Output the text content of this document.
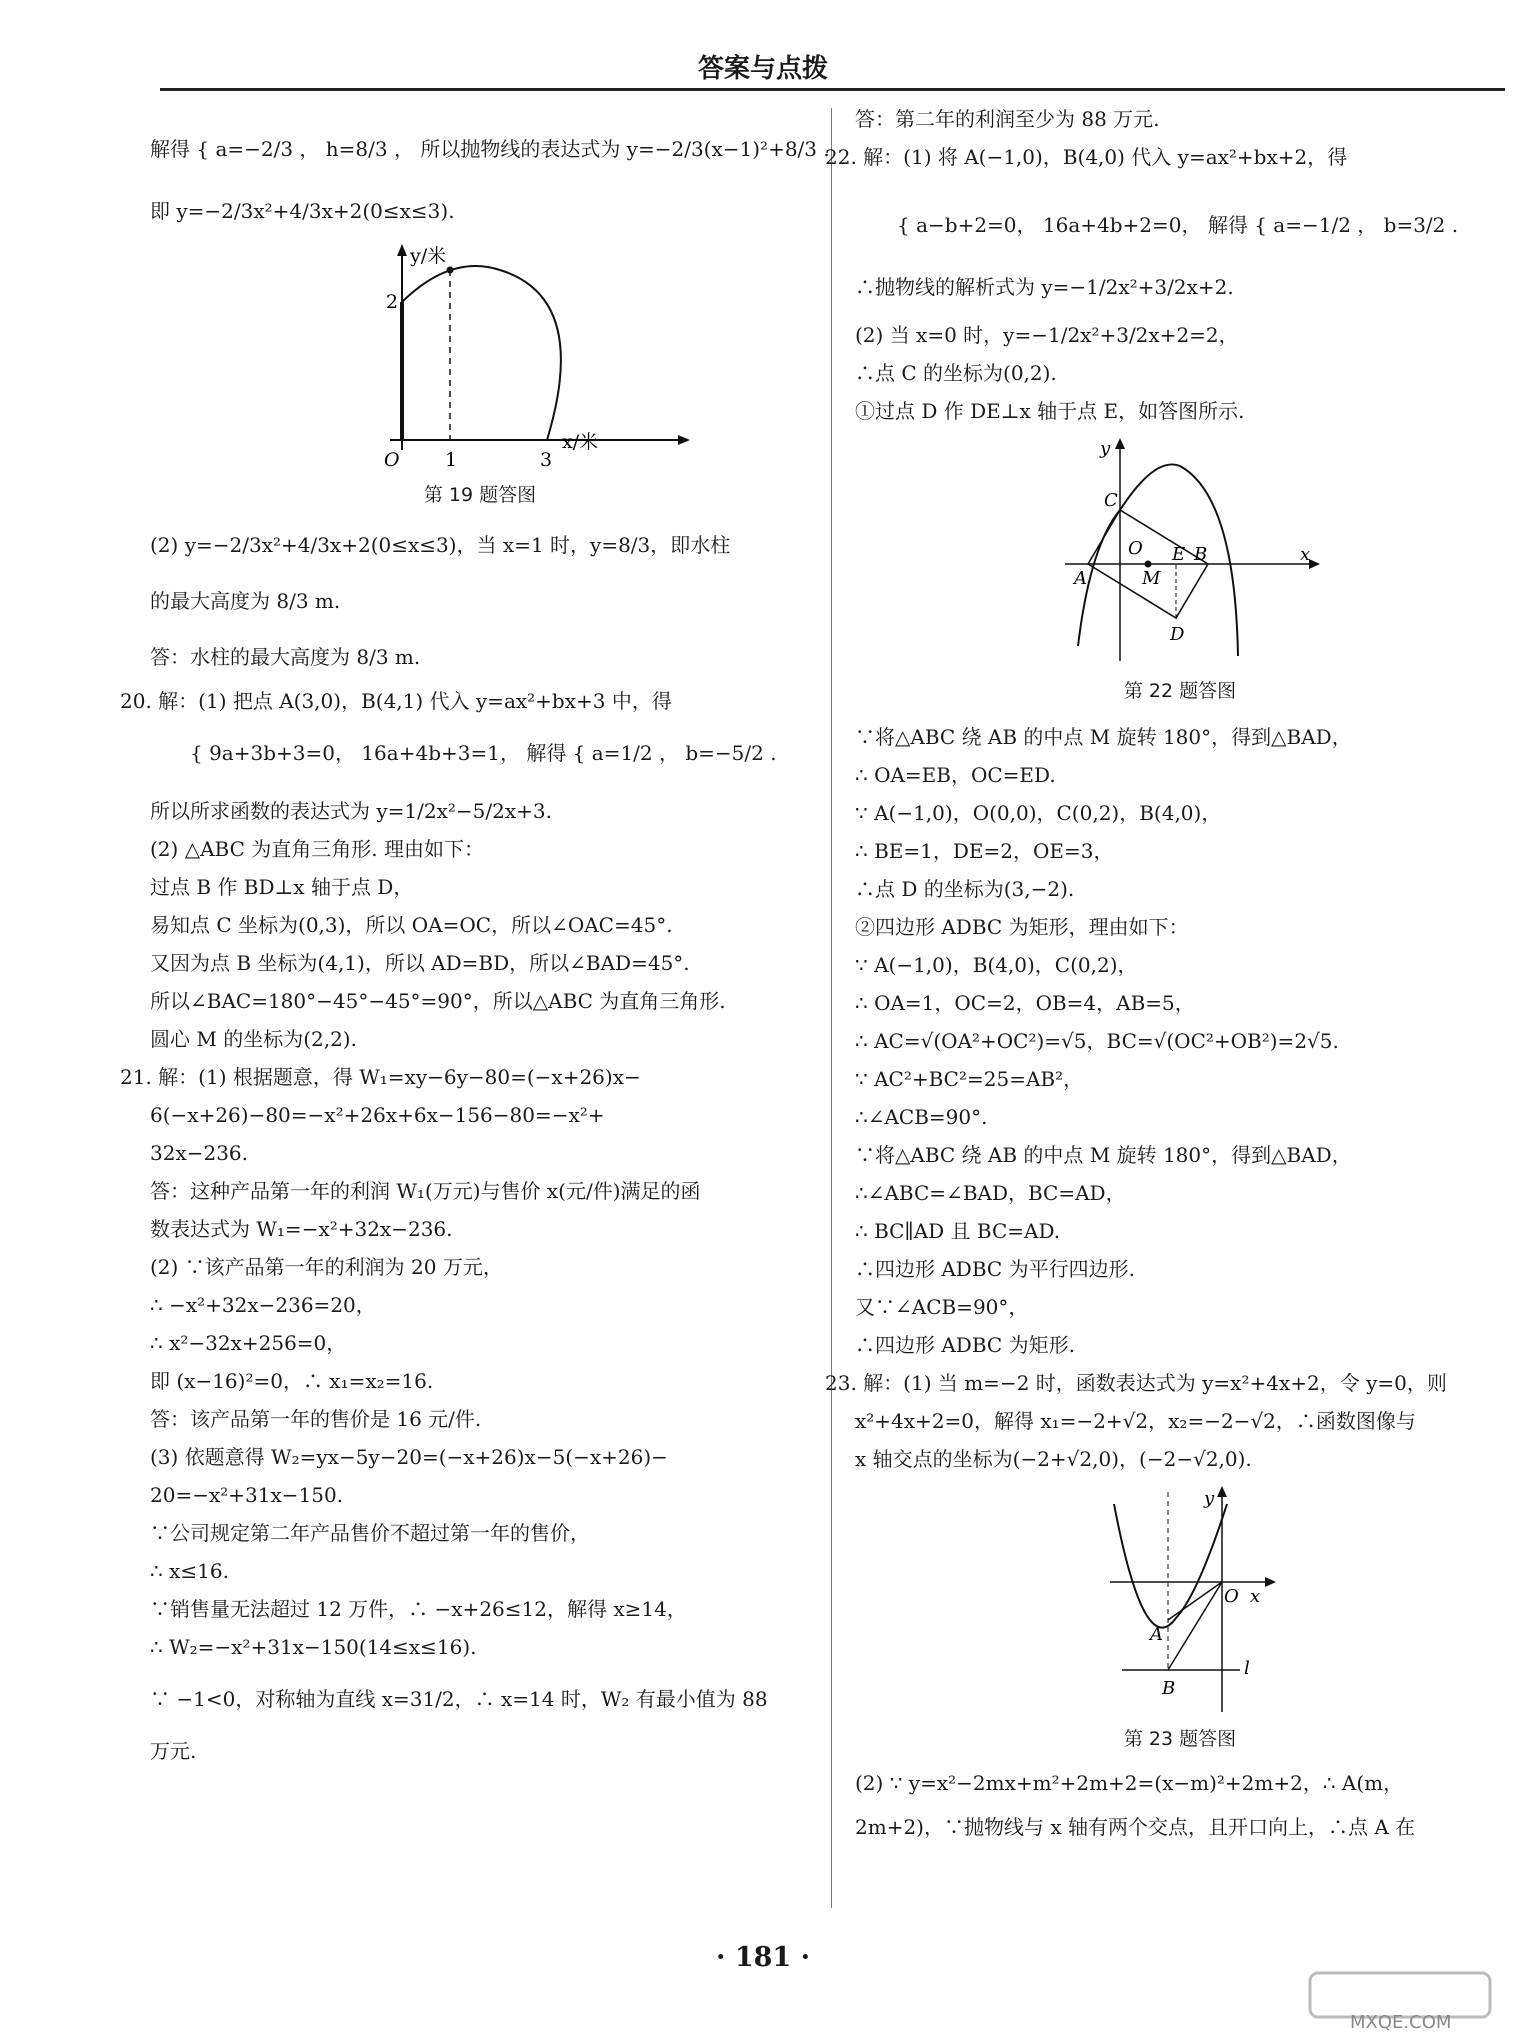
答案与点拨
解得 { a=−2/3 ， h=8/3 ， 所以抛物线的表达式为 y=−2/3(x−1)²+8/3 .
即 y=−2/3x²+4/3x+2(0≤x≤3).
y/米
x/米
O 1	3
2
第 19 题答图
(2) y=−2/3x²+4/3x+2(0≤x≤3)，当 x=1 时，y=8/3，即水柱
的最大高度为 8/3 m.
答：水柱的最大高度为 8/3 m.
20. 解：(1) 把点 A(3,0)，B(4,1) 代入 y=ax²+bx+3 中，得
{ 9a+3b+3=0， 16a+4b+3=1， 解得 { a=1/2 ， b=−5/2 .
所以所求函数的表达式为 y=1/2x²−5/2x+3.
(2) △ABC 为直角三角形. 理由如下：
过点 B 作 BD⊥x 轴于点 D，
易知点 C 坐标为(0,3)，所以 OA=OC，所以∠OAC=45°.
又因为点 B 坐标为(4,1)，所以 AD=BD，所以∠BAD=45°.
所以∠BAC=180°−45°−45°=90°，所以△ABC 为直角三角形.
圆心 M 的坐标为(2,2).
21. 解：(1) 根据题意，得 W₁=xy−6y−80=(−x+26)x−
6(−x+26)−80=−x²+26x+6x−156−80=−x²+
32x−236.
答：这种产品第一年的利润 W₁(万元)与售价 x(元/件)满足的函
数表达式为 W₁=−x²+32x−236.
(2) ∵该产品第一年的利润为 20 万元，
∴ −x²+32x−236=20，
∴ x²−32x+256=0，
即 (x−16)²=0，∴ x₁=x₂=16.
答：该产品第一年的售价是 16 元/件.
(3) 依题意得 W₂=yx−5y−20=(−x+26)x−5(−x+26)−
20=−x²+31x−150.
∵公司规定第二年产品售价不超过第一年的售价，
∴ x≤16.
∵销售量无法超过 12 万件，∴ −x+26≤12，解得 x≥14，
∴ W₂=−x²+31x−150(14≤x≤16).
∵ −1<0，对称轴为直线 x=31/2，∴ x=14 时，W₂ 有最小值为 88
万元.
答：第二年的利润至少为 88 万元.
22. 解：(1) 将 A(−1,0)，B(4,0) 代入 y=ax²+bx+2，得
{ a−b+2=0， 16a+4b+2=0， 解得 { a=−1/2 ， b=3/2 .
∴抛物线的解析式为 y=−1/2x²+3/2x+2.
(2) 当 x=0 时，y=−1/2x²+3/2x+2=2，
∴点 C 的坐标为(0,2).
①过点 D 作 DE⊥x 轴于点 E，如答图所示.
y
x
C
O
A	M
E B
D
第 22 题答图
∵将△ABC 绕 AB 的中点 M 旋转 180°，得到△BAD，
∴ OA=EB，OC=ED.
∵ A(−1,0)，O(0,0)，C(0,2)，B(4,0)，
∴ BE=1，DE=2，OE=3，
∴点 D 的坐标为(3,−2).
②四边形 ADBC 为矩形，理由如下：
∵ A(−1,0)，B(4,0)，C(0,2)，
∴ OA=1，OC=2，OB=4，AB=5，
∴ AC=√(OA²+OC²)=√5，BC=√(OC²+OB²)=2√5.
∵ AC²+BC²=25=AB²，
∴∠ACB=90°.
∵将△ABC 绕 AB 的中点 M 旋转 180°，得到△BAD，
∴∠ABC=∠BAD，BC=AD，
∴ BC∥AD 且 BC=AD.
∴四边形 ADBC 为平行四边形.
又∵∠ACB=90°，
∴四边形 ADBC 为矩形.
23. 解：(1) 当 m=−2 时，函数表达式为 y=x²+4x+2，令 y=0，则
x²+4x+2=0，解得 x₁=−2+√2，x₂=−2−√2，∴函数图像与
x 轴交点的坐标为(−2+√2,0)，(−2−√2,0).
y
x
O
A
B
l
第 23 题答图
(2) ∵ y=x²−2mx+m²+2m+2=(x−m)²+2m+2，∴ A(m，
2m+2)，∵抛物线与 x 轴有两个交点，且开口向上，∴点 A 在
· 181 ·
MXQE.COM
